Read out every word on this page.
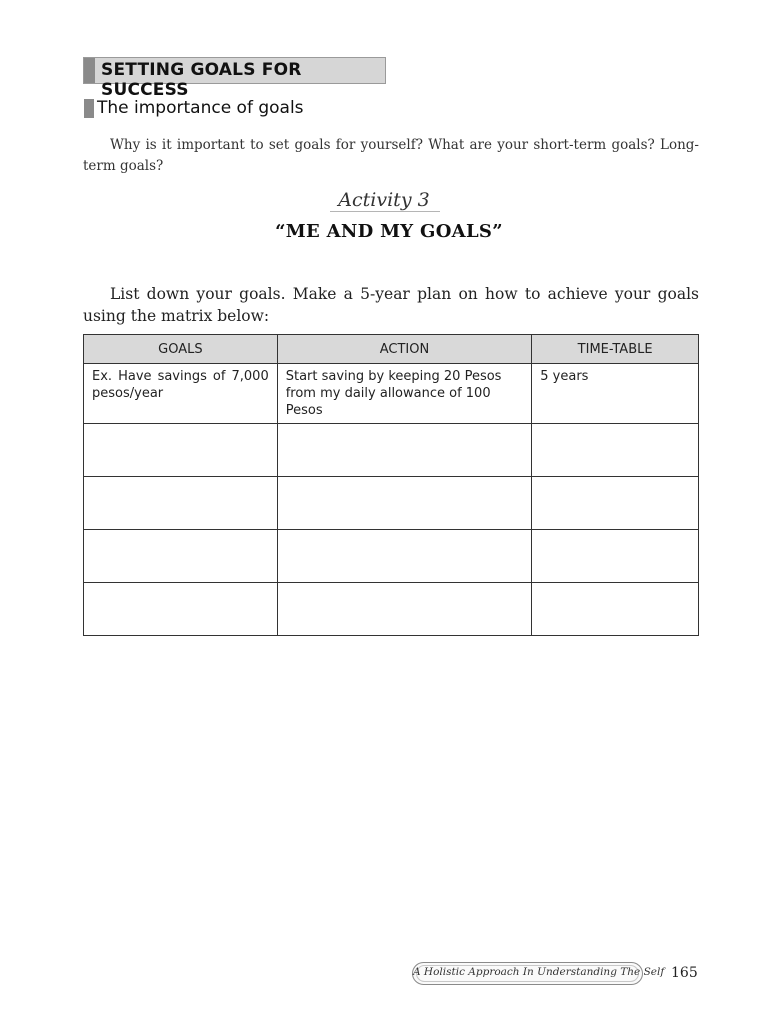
SETTING GOALS FOR SUCCESS
The importance of goals

Why is it important to set goals for yourself? What are your short-term goals? Long-term goals?

Activity 3
“ME AND MY GOALS”

List down your goals. Make a 5-year plan on how to achieve your goals using the matrix below:

GOALS	ACTION	TIME-TABLE
Ex. Have savings of 7,000 pesos/year	Start saving by keeping 20 Pesos from my daily allowance of 100 Pesos	5 years

A Holistic Approach In Understanding The Self 165
